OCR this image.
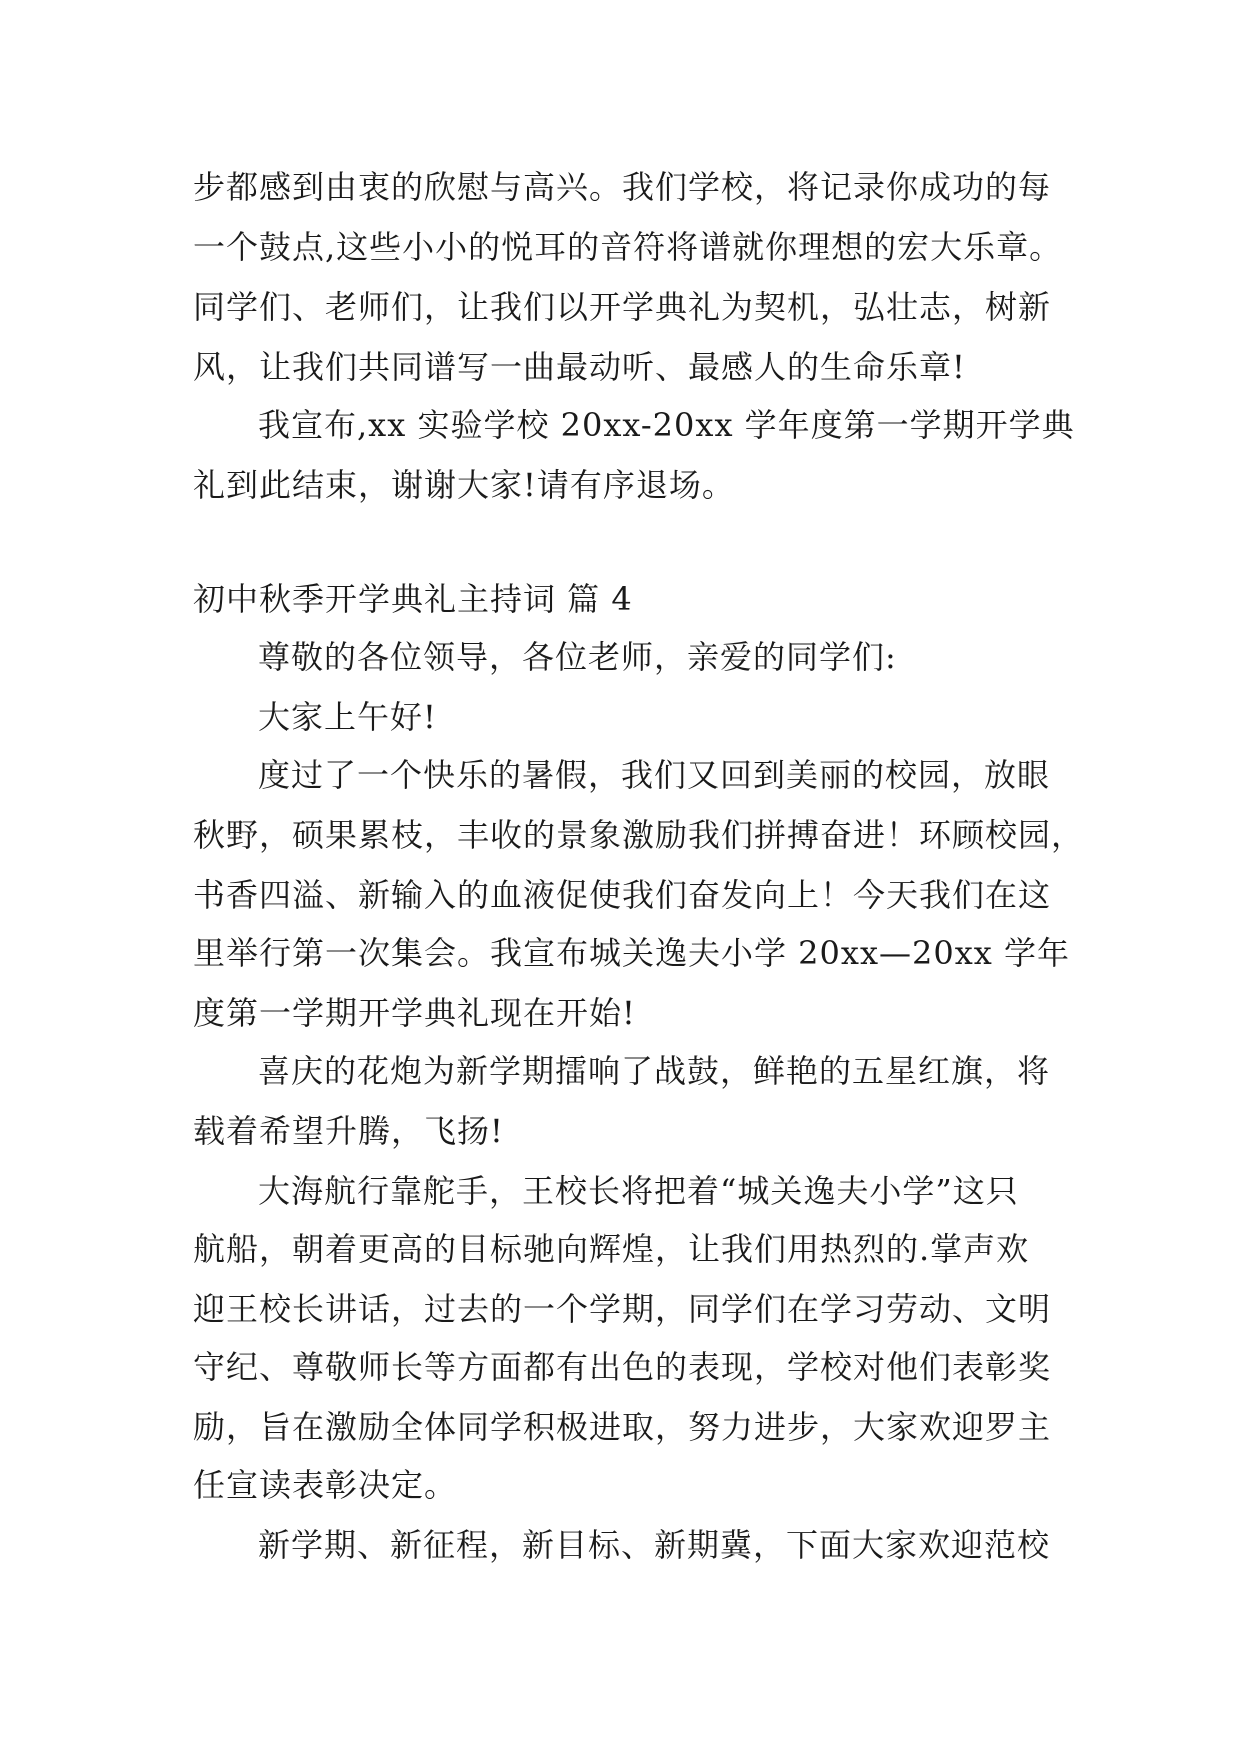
步都感到由衷的欣慰与高兴。我们学校，将记录你成功的每
一个鼓点,这些小小的悦耳的音符将谱就你理想的宏大乐章。
同学们、老师们，让我们以开学典礼为契机，弘壮志，树新
风，让我们共同谱写一曲最动听、最感人的生命乐章!
我宣布,xx 实验学校 20xx-20xx 学年度第一学期开学典
礼到此结束，谢谢大家!请有序退场。
初中秋季开学典礼主持词 篇 4
尊敬的各位领导，各位老师，亲爱的同学们:
大家上午好!
度过了一个快乐的暑假，我们又回到美丽的校园，放眼
秋野，硕果累枝，丰收的景象激励我们拼搏奋进！环顾校园，
书香四溢、新输入的血液促使我们奋发向上！今天我们在这
里举行第一次集会。我宣布城关逸夫小学 20xx—20xx 学年
度第一学期开学典礼现在开始!
喜庆的花炮为新学期擂响了战鼓，鲜艳的五星红旗，将
载着希望升腾，飞扬!
大海航行靠舵手，王校长将把着“城关逸夫小学”这只
航船，朝着更高的目标驰向辉煌，让我们用热烈的.掌声欢
迎王校长讲话，过去的一个学期，同学们在学习劳动、文明
守纪、尊敬师长等方面都有出色的表现，学校对他们表彰奖
励，旨在激励全体同学积极进取，努力进步，大家欢迎罗主
任宣读表彰决定。
新学期、新征程，新目标、新期冀，下面大家欢迎范校
